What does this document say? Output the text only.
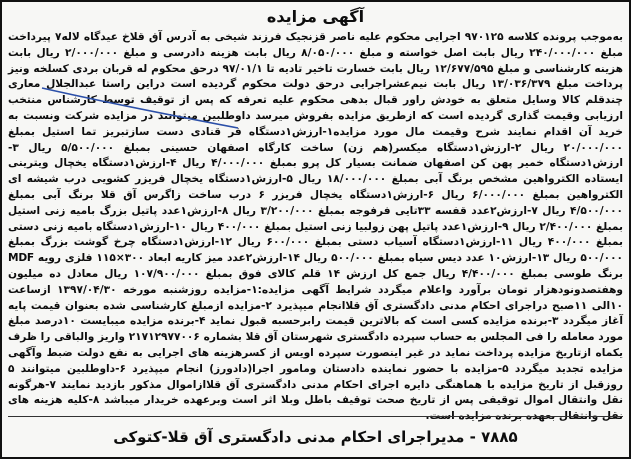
آگهی مزایده
به‌موجب پرونده کلاسه ۹۷۰۱۲۵ اجرایی محکوم علیه ناصر قزنجیک فرزند شیخی به آدرس آق قلاخ عیدگاه لاله۷ پیرداخت مبلغ ۲۴۰/۰۰۰/۰۰۰ ریال بابت اصل خواسته و مبلغ ۸/۰۵۰/۰۰۰ ریال بابت هزینه دادرسی و مبلغ ۲/۰۰۰/۰۰۰ ریال بابت هزینه کارشناسی و مبلغ ۱۲/۶۷۷/۵۹۵ ریال بابت خسارت تاخیر تادیه تا ۹۷/۰۱/۱ درحق محکوم له قربان بردی کسلخه ونیز پرداخت مبلغ ۱۳/۰۳۶/۳۷۹ ریال بابت نیم‌عشراجرایی درحق دولت محکوم گردیده است دراین راستا عبدالجلال معاری چندقلم کالا وسایل متعلق به خودش راور قبال بدهی محکوم علیه تعرفه که پس از توقیف توسط کارشناس منتخب ارزیابی وقیمت گذاری گردیده است که ازطریق مزایده بفروش میرسد داوطلبین میتوانند در مزایده شرکت ونسبت به خرید آن اقدام نمایند شرح وقیمت مال مورد مزایده۱-ارزش۱دستگاه فر قنادی دست سازتبریز تما استیل بمبلغ ۲۰/۰۰۰/۰۰۰ ریال ۲-ارزش۱دستگاه میکسر(هم زن) ساخت کارگاه اصفهان حسینی بمبلغ ۵/۵۰۰/۰۰۰ ریال ۳-ارزش۱دستگاه خمیر پهن کن اصفهان ضمانت بسیار کل پرو بمبلغ ۴/۰۰۰/۰۰۰ ریال ۴-ارزش۱دستگاه یخچال ویترینی ایستاده الکترواهین مشخص برنگ آبی بمبلغ ۱۸/۰۰۰/۰۰۰ ریال ۵-ارزش۱دستگاه یخچال فریزر کشویی درب شیشه ای الکترواهین بمبلغ ۶/۰۰۰/۰۰۰ ریال ۶-ارزش۱دستگاه یخچال فریزر ۶ درب ساخت زاگرس آق قلا برنگ آبی بمبلغ ۴/۵۰۰/۰۰۰ ریال ۷-ارزش۲عدد قفسه ۳۳تایی فرفوجه بمبلغ ۳/۲۰۰/۰۰۰ ریال ۸-ارزش۱عدد پاتیل بزرگ بامیه زنی استیل بمبلغ ۲/۴۰۰/۰۰۰ ریال ۹-ارزش۱عدد پاتیل پهن زولبیا زنی استیل بمبلغ ۴۰۰/۰۰۰ ریال ۱۰-ارزش۱دستگاه بامیه زنی دستی بمبلغ ۴۰۰/۰۰۰ ریال ۱۱-ارزش۱دستگاه آسیاب دستی بمبلغ ۶۰۰/۰۰۰ ریال ۱۲-ارزش۱دستگاه چرخ گوشت بزرگ بمبلغ ۵۰۰/۰۰۰ ریال ۱۳-ارزش۱۰ عدد دیس سیاه بمبلغ ۵۰۰/۰۰۰ ریال ۱۴-ارزش۲عدد میز کاریه ابعاد ۳۰۰×۱۱۵ فلزی رویه MDF برنگ طوسی بمبلغ ۴/۴۰۰/۰۰۰ ریال جمع کل ارزش ۱۴ قلم کالای فوق بمبلغ ۱۰۷/۹۰۰/۰۰۰ ریال معادل ده میلیون وهفتصدونودهزار تومان برآورد واعلام میگردد شرایط آگهی مزایده:۱-مزایده روزشنبه مورخه ۱۳۹۷/۰۴/۳۰ ازساعت ۱۰الی ۱۱صبح دراجرای احکام مدنی دادگستری آق قلاانجام میپذیرد ۲-مزایده ازمبلغ کارشناسی شده بعنوان قیمت پایه آغاز میگردد ۳-برنده مزایده کسی است که بالاترین قیمت رابرحسبه قبول نماید ۴-برنده مزایده میبایست ۱۰درصد مبلغ مورد معامله را فی المجلس به حساب سپرده دادگستری شهرستان آق قلا بشماره ۲۱۷۱۲۹۷۷۰۰۶ واریز والباقی را ظرف یکماه ازتاریخ مزایده پرداخت نماید در غیر اینصورت سپرده اویس از کسرهزینه های اجرایی به نفع دولت ضبط وآگهی مزایده تجدید میگردد ۵-مزایده با حضور نماینده دادستان ومامور اجرا(دادورز) انجام میپذیرد ۶-داوطلبین میتوانند ۵ روزقبل از تاریخ مزایده با هماهنگی دایره اجرای احکام مدنی دادگستری آق قلاازاموال مذکور بازدید نمایند ۷-هرگونه نقل وانتقال اموال توقیفی پس از تاریخ صحت توقیف باطل وبلا اثر است وبرعهده خریدار میباشد ۸-کلیه هزینه های نقل وانتقال بعهده برنده مزایده است.
۷۸۸۵ - مدیراجرای احکام مدنی دادگستری آق قلا-کتوکی
